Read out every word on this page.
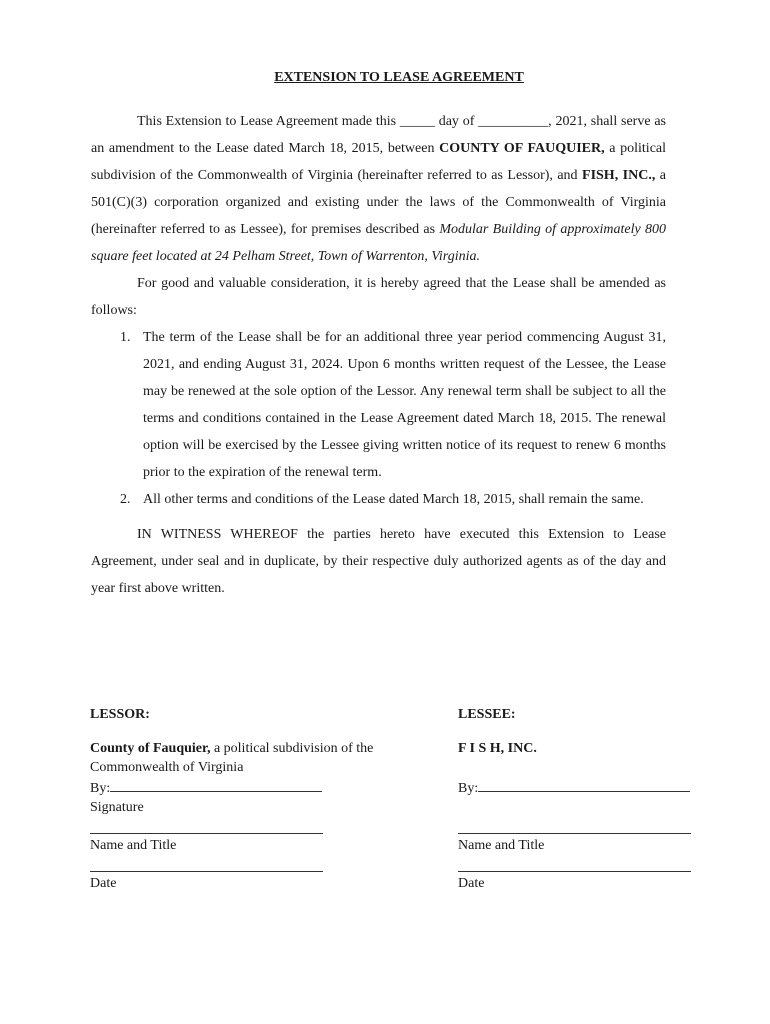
EXTENSION TO LEASE AGREEMENT

This Extension to Lease Agreement made this _____ day of __________, 2021, shall serve as an amendment to the Lease dated March 18, 2015, between COUNTY OF FAUQUIER, a political subdivision of the Commonwealth of Virginia (hereinafter referred to as Lessor), and FISH, INC., a 501(C)(3) corporation organized and existing under the laws of the Commonwealth of Virginia (hereinafter referred to as Lessee), for premises described as Modular Building of approximately 800 square feet located at 24 Pelham Street, Town of Warrenton, Virginia.

For good and valuable consideration, it is hereby agreed that the Lease shall be amended as follows:

1. The term of the Lease shall be for an additional three year period commencing August 31, 2021, and ending August 31, 2024. Upon 6 months written request of the Lessee, the Lease may be renewed at the sole option of the Lessor. Any renewal term shall be subject to all the terms and conditions contained in the Lease Agreement dated March 18, 2015. The renewal option will be exercised by the Lessee giving written notice of its request to renew 6 months prior to the expiration of the renewal term.
2. All other terms and conditions of the Lease dated March 18, 2015, shall remain the same.

IN WITNESS WHEREOF the parties hereto have executed this Extension to Lease Agreement, under seal and in duplicate, by their respective duly authorized agents as of the day and year first above written.

LESSOR:
County of Fauquier, a political subdivision of the Commonwealth of Virginia
By:
Signature
Name and Title
Date
LESSEE:
F I S H, INC.
By:
Name and Title
Date
